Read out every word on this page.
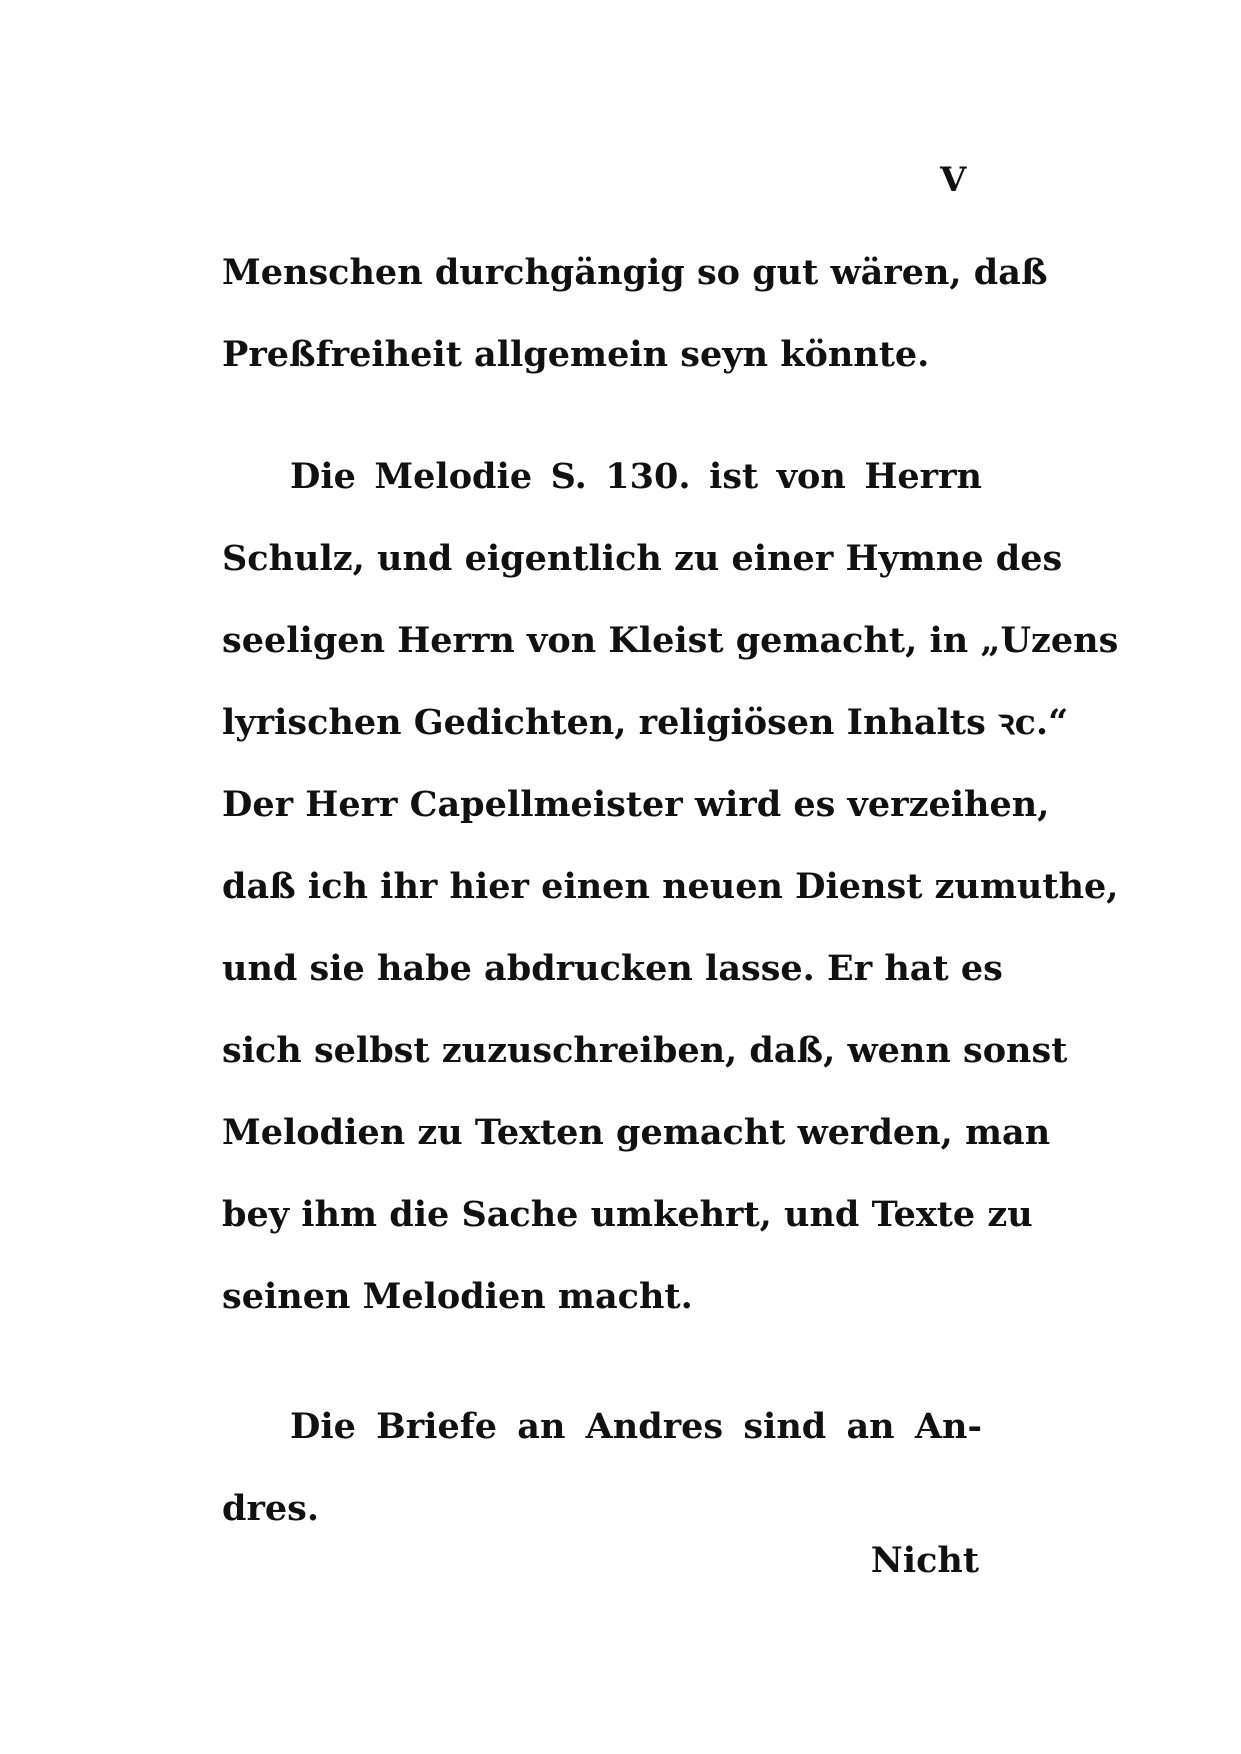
V
Menschen durchgängig so gut wären, daß
Preßfreiheit allgemein seyn könnte.
Die Melodie S. 130. ist von Herrn
Schulz, und eigentlich zu einer Hymne des
seeligen Herrn von Kleist gemacht, in „Uzens
lyrischen Gedichten, religiösen Inhalts ꝛc.“
Der Herr Capellmeister wird es verzeihen,
daß ich ihr hier einen neuen Dienst zumuthe,
und sie habe abdrucken lasse. Er hat es
sich selbst zuzuschreiben, daß, wenn sonst
Melodien zu Texten gemacht werden, man
bey ihm die Sache umkehrt, und Texte zu
seinen Melodien macht.
Die Briefe an Andres sind an An-
dres.
Nicht
